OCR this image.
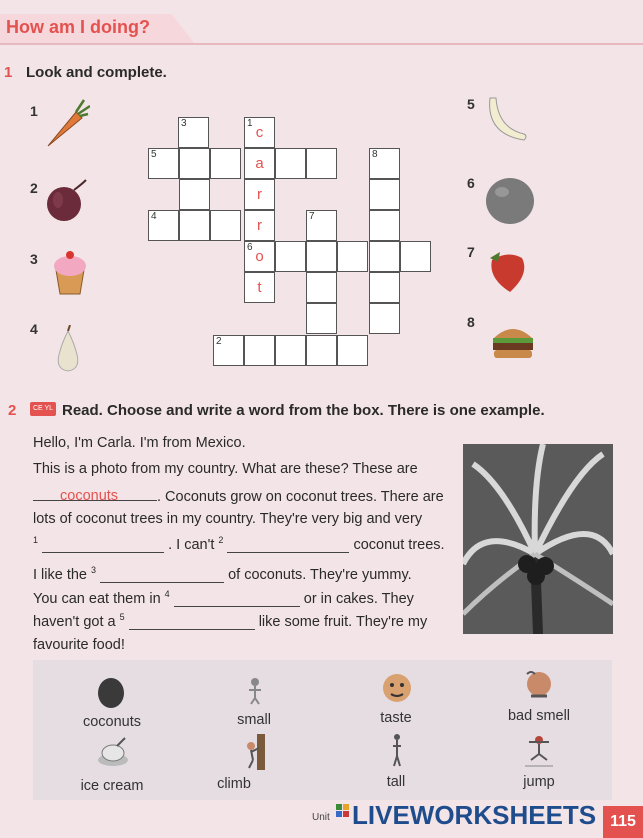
How am I doing?
1 Look and complete.
1
2
3
4
5
6
7
8
3	1
c
5
a
8
r
4
r
7
6
o
t
2
2	CE YL Read. Choose and write a word from the box. There is one example.
Hello, I'm Carla. I'm from Mexico.
This is a photo from my country. What are these? These are
. Coconuts grow on coconut trees. There are
coconuts
lots of coconut trees in my country. They're very big and very
$^1$	. I can't $^2$	coconut trees.
I like the $^3$	of coconuts. They're yummy.
You can eat them in $^4$	or in cakes. They
haven't got a $^5$	like some fruit. They're my
favourite food!
coconuts	small	taste	bad smell
ice cream	climb	tall	jump
Unit LIVEWORKSHEETS 115
